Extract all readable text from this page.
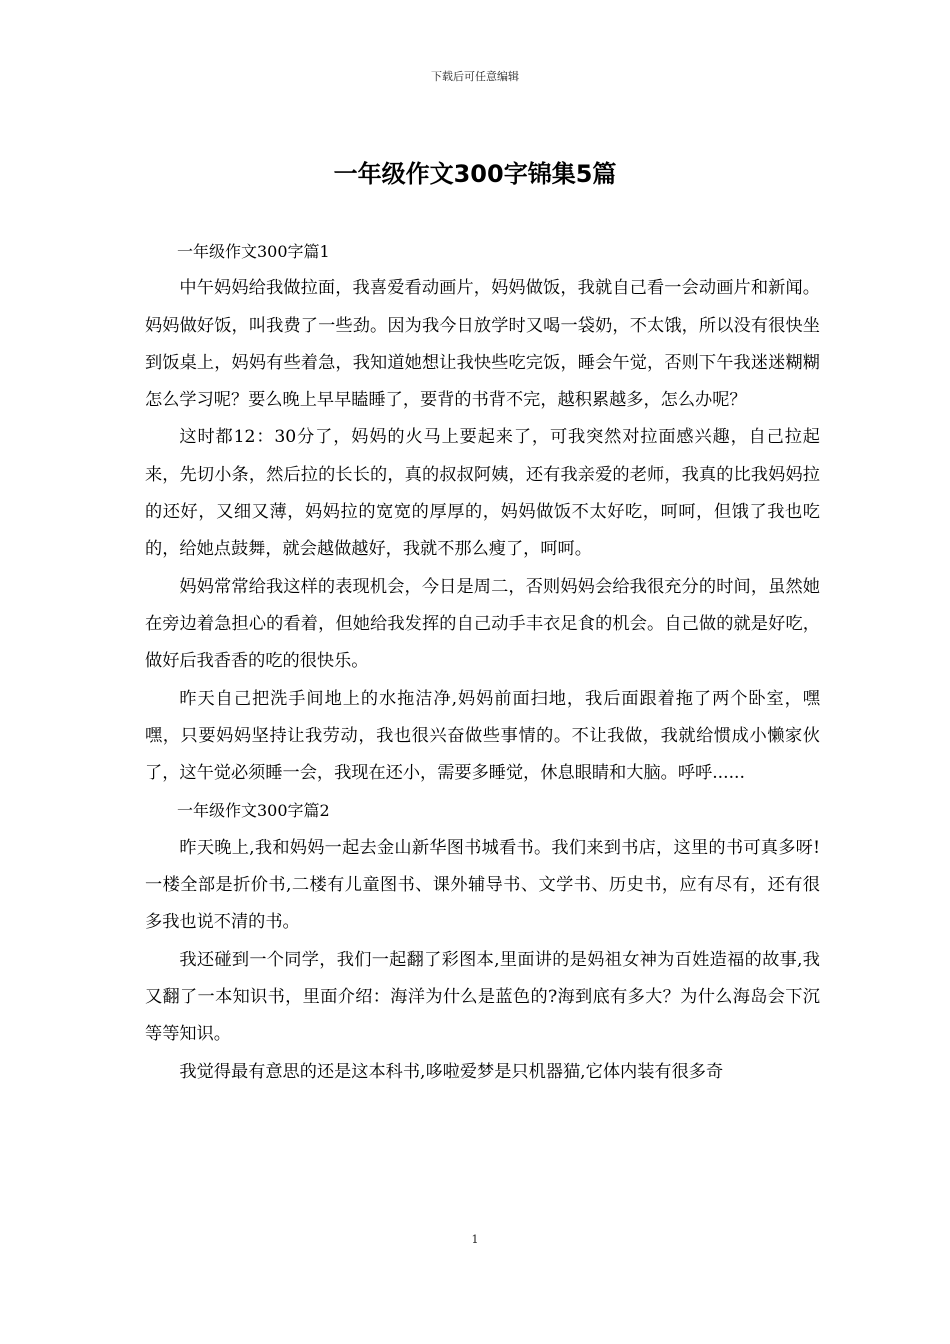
下载后可任意编辑
一年级作文300字锦集5篇

一年级作文300字篇1

中午妈妈给我做拉面，我喜爱看动画片，妈妈做饭，我就自己看一会动画片和新闻。妈妈做好饭，叫我费了一些劲。因为我今日放学时又喝一袋奶，不太饿，所以没有很快坐到饭桌上，妈妈有些着急，我知道她想让我快些吃完饭，睡会午觉，否则下午我迷迷糊糊怎么学习呢？要么晚上早早瞌睡了，要背的书背不完，越积累越多，怎么办呢？

这时都12：30分了，妈妈的火马上要起来了，可我突然对拉面感兴趣，自己拉起来，先切小条，然后拉的长长的，真的叔叔阿姨，还有我亲爱的老师，我真的比我妈妈拉的还好，又细又薄，妈妈拉的宽宽的厚厚的，妈妈做饭不太好吃，呵呵，但饿了我也吃的，给她点鼓舞，就会越做越好，我就不那么瘦了，呵呵。

妈妈常常给我这样的表现机会，今日是周二，否则妈妈会给我很充分的时间，虽然她在旁边着急担心的看着，但她给我发挥的自己动手丰衣足食的机会。自己做的就是好吃，做好后我香香的吃的很快乐。

昨天自己把洗手间地上的水拖洁净,妈妈前面扫地，我后面跟着拖了两个卧室，嘿嘿，只要妈妈坚持让我劳动，我也很兴奋做些事情的。不让我做，我就给惯成小懒家伙了，这午觉必须睡一会，我现在还小，需要多睡觉，休息眼睛和大脑。呼呼......

一年级作文300字篇2

昨天晚上,我和妈妈一起去金山新华图书城看书。我们来到书店，这里的书可真多呀!一楼全部是折价书,二楼有儿童图书、课外辅导书、文学书、历史书，应有尽有，还有很多我也说不清的书。

我还碰到一个同学，我们一起翻了彩图本,里面讲的是妈祖女神为百姓造福的故事,我又翻了一本知识书，里面介绍：海洋为什么是蓝色的?海到底有多大？为什么海岛会下沉等等知识。

我觉得最有意思的还是这本科书,哆啦爱梦是只机器猫,它体内装有很多奇

1
